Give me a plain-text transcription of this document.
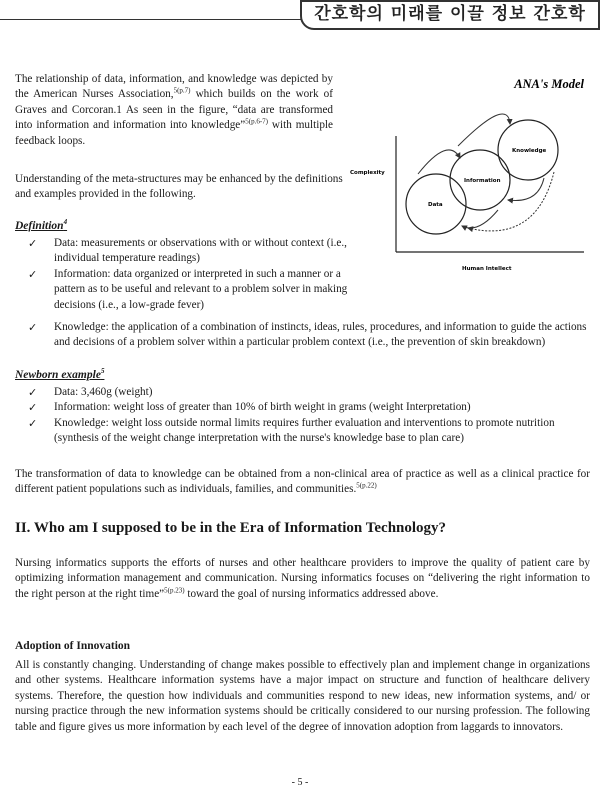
간호학의 미래를 이끌 정보 간호학
The relationship of data, information, and knowledge was depicted by the American Nurses Association,$^{5(p.7)}$ which builds on the work of Graves and Corcoran.1 As seen in the figure, “data are transformed into information and information into knowledge”$^{5(p.6-7)}$ with multiple feedback loops.
Understanding of the meta-structures may be enhanced by the definitions and examples provided in the following.
ANA's Model
Complexity
Human Intellect
Data
Information
Knowledge
Definition$^4$
✓ Data: measurements or observations with or without context (i.e., individual temperature readings)
✓ Information: data organized or interpreted in such a manner or a pattern as to be useful and relevant to a problem solver in making decisions (i.e., a low-grade fever)
✓ Knowledge: the application of a combination of instincts, ideas, rules, procedures, and information to guide the actions and decisions of a problem solver within a particular problem context (i.e., the prevention of skin breakdown)
Newborn example$^5$
✓ Data: 3,460g (weight)
✓ Information: weight loss of greater than 10% of birth weight in grams (weight Interpretation)
✓ Knowledge: weight loss outside normal limits requires further evaluation and interventions to promote nutrition (synthesis of the weight change interpretation with the nurse's knowledge base to plan care)
The transformation of data to knowledge can be obtained from a non-clinical area of practice as well as a clinical practice for different patient populations such as individuals, families, and communities.$^{5(p.22)}$
II. Who am I supposed to be in the Era of Information Technology?
Nursing informatics supports the efforts of nurses and other healthcare providers to improve the quality of patient care by optimizing information management and communication. Nursing informatics focuses on “delivering the right information to the right person at the right time”$^{5(p.23)}$ toward the goal of nursing informatics addressed above.
Adoption of Innovation
All is constantly changing. Understanding of change makes possible to effectively plan and implement change in organizations and other systems. Healthcare information systems have a major impact on structure and function of healthcare delivery systems. Therefore, the question how individuals and communities respond to new ideas, new information systems, and/ or nursing practice through the new information systems should be critically considered to our nursing profession. The following table and figure gives us more information by each level of the degree of innovation adoption from laggards to innovators.
- 5 -
